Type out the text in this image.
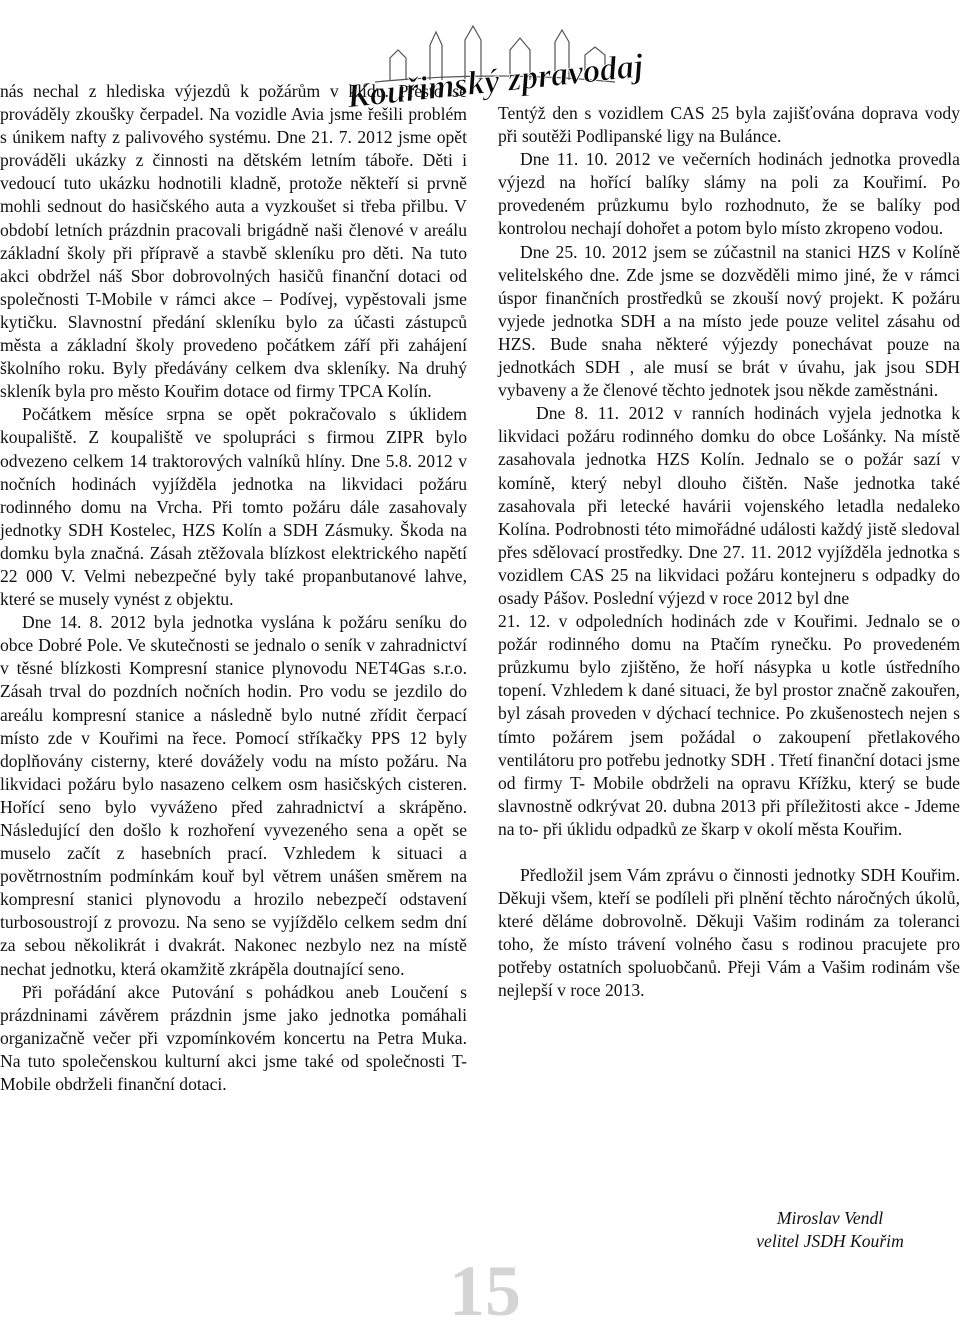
Kouřimský zpravodaj

nás nechal z hlediska výjezdů k požárům v klidu. Přesto se prováděly zkoušky čerpadel. Na vozidle Avia jsme řešili problém s únikem nafty z palivového systému. Dne 21. 7. 2012 jsme opět prováděli ukázky z činnosti na dětském letním táboře. Děti i vedoucí tuto ukázku hodnotili kladně, protože někteří si prvně mohli sednout do hasičského auta a vyzkoušet si třeba přilbu. V období letních prázdnin pracovali brigádně naši členové v areálu základní školy při přípravě a stavbě skleníku pro děti. Na tuto akci obdržel náš Sbor dobrovolných hasičů finanční dotaci od společnosti T-Mobile v rámci akce – Podívej, vypěstovali jsme kytičku. Slavnostní předání skleníku bylo za účasti zástupců města a základní školy provedeno počátkem září při zahájení školního roku. Byly předávány celkem dva skleníky. Na druhý skleník byla pro město Kouřim dotace od firmy TPCA Kolín.

Počátkem měsíce srpna se opět pokračovalo s úklidem koupaliště. Z koupaliště ve spolupráci s firmou ZIPR bylo odvezeno celkem 14 traktorových valníků hlíny. Dne 5.8. 2012 v nočních hodinách vyjížděla jednotka na likvidaci požáru rodinného domu na Vrcha. Při tomto požáru dále zasahovaly jednotky SDH Kostelec, HZS Kolín a SDH Zásmuky. Škoda na domku byla značná. Zásah ztěžovala blízkost elektrického napětí 22 000 V. Velmi nebezpečné byly také propanbutanové lahve, které se musely vynést z objektu.

Dne 14. 8. 2012 byla jednotka vyslána k požáru seníku do obce Dobré Pole. Ve skutečnosti se jednalo o seník v zahradnictví v těsné blízkosti Kompresní stanice plynovodu NET4Gas s.r.o. Zásah trval do pozdních nočních hodin. Pro vodu se jezdilo do areálu kompresní stanice a následně bylo nutné zřídit čerpací místo zde v Kouřimi na řece. Pomocí stříkačky PPS 12 byly doplňovány cisterny, které dovážely vodu na místo požáru. Na likvidaci požáru bylo nasazeno celkem osm hasičských cisteren. Hořící seno bylo vyváženo před zahradnictví a skrápěno. Následující den došlo k rozhoření vyvezeného sena a opět se muselo začít z hasebních prací. Vzhledem k situaci a povětrnostním podmínkám kouř byl větrem unášen směrem na kompresní stanici plynovodu a hrozilo nebezpečí odstavení turbosoustrojí z provozu. Na seno se vyjíždělo celkem sedm dní za sebou několikrát i dvakrát. Nakonec nezbylo nez na místě nechat jednotku, která okamžitě zkrápěla doutnající seno.

Při pořádání akce Putování s pohádkou aneb Loučení s prázdninami závěrem prázdnin jsme jako jednotka pomáhali organizačně večer při vzpomínkovém koncertu na Petra Muka. Na tuto společenskou kulturní akci jsme také od společnosti T- Mobile obdrželi finanční dotaci.

Tentýž den s vozidlem CAS 25 byla zajišťována doprava vody při soutěži Podlipanské ligy na Bulánce.

Dne 11. 10. 2012 ve večerních hodinách jednotka provedla výjezd na hořící balíky slámy na poli za Kouřimí. Po provedeném průzkumu bylo rozhodnuto, že se balíky pod kontrolou nechají dohořet a potom bylo místo zkropeno vodou.

Dne 25. 10. 2012 jsem se zúčastnil na stanici HZS v Kolíně velitelského dne. Zde jsme se dozvěděli mimo jiné, že v rámci úspor finančních prostředků se zkouší nový projekt. K požáru vyjede jednotka SDH a na místo jede pouze velitel zásahu od HZS. Bude snaha některé výjezdy ponechávat pouze na jednotkách SDH , ale musí se brát v úvahu, jak jsou SDH vybaveny a že členové těchto jednotek jsou někde zaměstnáni.

Dne 8. 11. 2012 v ranních hodinách vyjela jednotka k likvidaci požáru rodinného domku do obce Lošánky. Na místě zasahovala jednotka HZS Kolín. Jednalo se o požár sazí v komíně, který nebyl dlouho čištěn. Naše jednotka také zasahovala při letecké havárii vojenského letadla nedaleko Kolína. Podrobnosti této mimořádné události každý jistě sledoval přes sdělovací prostředky. Dne 27. 11. 2012 vyjížděla jednotka s vozidlem CAS 25 na likvidaci požáru kontejneru s odpadky do osady Pášov. Poslední výjezd v roce 2012 byl dne

21. 12. v odpoledních hodinách zde v Kouřimi. Jednalo se o požár rodinného domu na Ptačím rynečku. Po provedeném průzkumu bylo zjištěno, že hoří násypka u kotle ústředního topení. Vzhledem k dané situaci, že byl prostor značně zakouřen, byl zásah proveden v dýchací technice. Po zkušenostech nejen s tímto požárem jsem požádal o zakoupení přetlakového ventilátoru pro potřebu jednotky SDH . Třetí finanční dotaci jsme od firmy T- Mobile obdrželi na opravu Křížku, který se bude slavnostně odkrývat 20. dubna 2013 při příležitosti akce - Jdeme na to- při úklidu odpadků ze škarp v okolí města Kouřim.

Předložil jsem Vám zprávu o činnosti jednotky SDH Kouřim. Děkuji všem, kteří se podíleli při plnění těchto náročných úkolů, které děláme dobrovolně. Děkuji Vašim rodinám za toleranci toho, že místo trávení volného času s rodinou pracujete pro potřeby ostatních spoluobčanů. Přeji Vám a Vašim rodinám vše nejlepší v roce 2013.

Miroslav Vendl
velitel JSDH Kouřim
15
